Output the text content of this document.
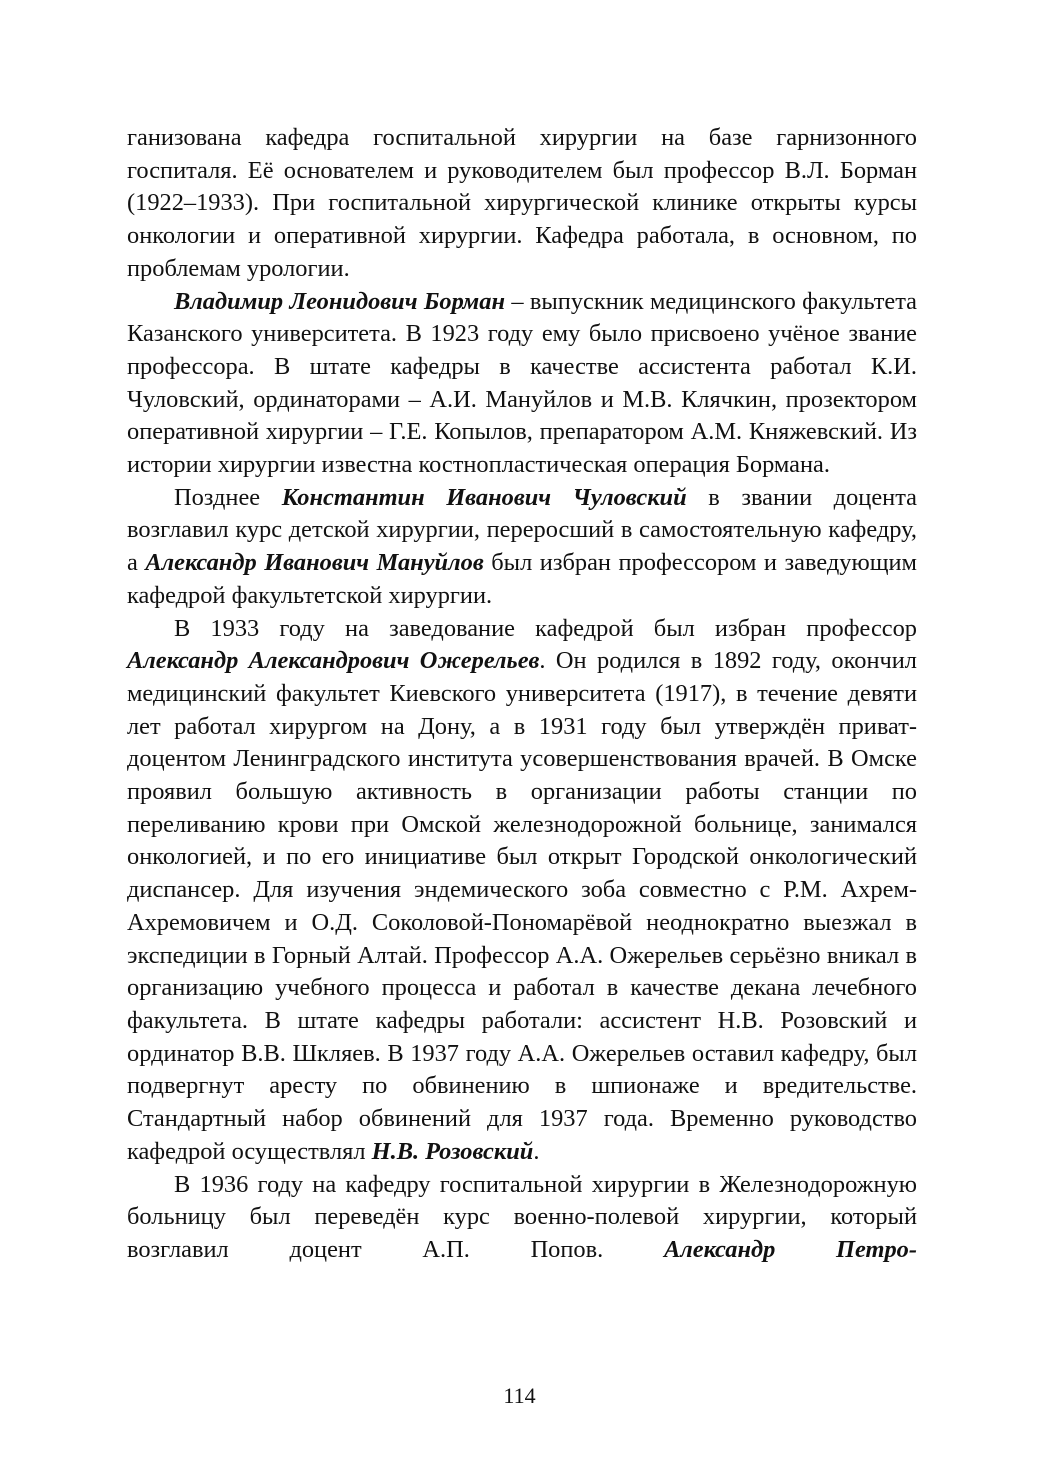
ганизована кафедра госпитальной хирургии на базе гарнизонного госпиталя. Её основателем и руководителем был профессор В.Л. Борман (1922–1933). При госпитальной хирургической клинике открыты курсы онкологии и оперативной хирургии. Кафедра работала, в основном, по проблемам урологии.

Владимир Леонидович Борман – выпускник медицинского факультета Казанского университета. В 1923 году ему было присвоено учёное звание профессора. В штате кафедры в качестве ассистента работал К.И. Чуловский, ординаторами – А.И. Мануйлов и М.В. Клячкин, прозектором оперативной хирургии – Г.Е. Копылов, препаратором А.М. Княжевский. Из истории хирургии известна костнопластическая операция Бормана.

Позднее Константин Иванович Чуловский в звании доцента возглавил курс детской хирургии, переросший в самостоятельную кафедру, а Александр Иванович Мануйлов был избран профессором и заведующим кафедрой факультетской хирургии.

В 1933 году на заведование кафедрой был избран профессор Александр Александрович Ожерельев. Он родился в 1892 году, окончил медицинский факультет Киевского университета (1917), в течение девяти лет работал хирургом на Дону, а в 1931 году был утверждён приват-доцентом Ленинградского института усовершенствования врачей. В Омске проявил большую активность в организации работы станции по переливанию крови при Омской железнодорожной больнице, занимался онкологией, и по его инициативе был открыт Городской онкологический диспансер. Для изучения эндемического зоба совместно с Р.М. Ахрем-Ахремовичем и О.Д. Соколовой-Пономарёвой неоднократно выезжал в экспедиции в Горный Алтай. Профессор А.А. Ожерельев серьёзно вникал в организацию учебного процесса и работал в качестве декана лечебного факультета. В штате кафедры работали: ассистент Н.В. Розовский и ординатор В.В. Шкляев. В 1937 году А.А. Ожерельев оставил кафедру, был подвергнут аресту по обвинению в шпионаже и вредительстве. Стандартный набор обвинений для 1937 года. Временно руководство кафедрой осуществлял Н.В. Розовский.

В 1936 году на кафедру госпитальной хирургии в Железнодорожную больницу был переведён курс военно-полевой хирургии, который возглавил доцент А.П. Попов. Александр Петро-

114
